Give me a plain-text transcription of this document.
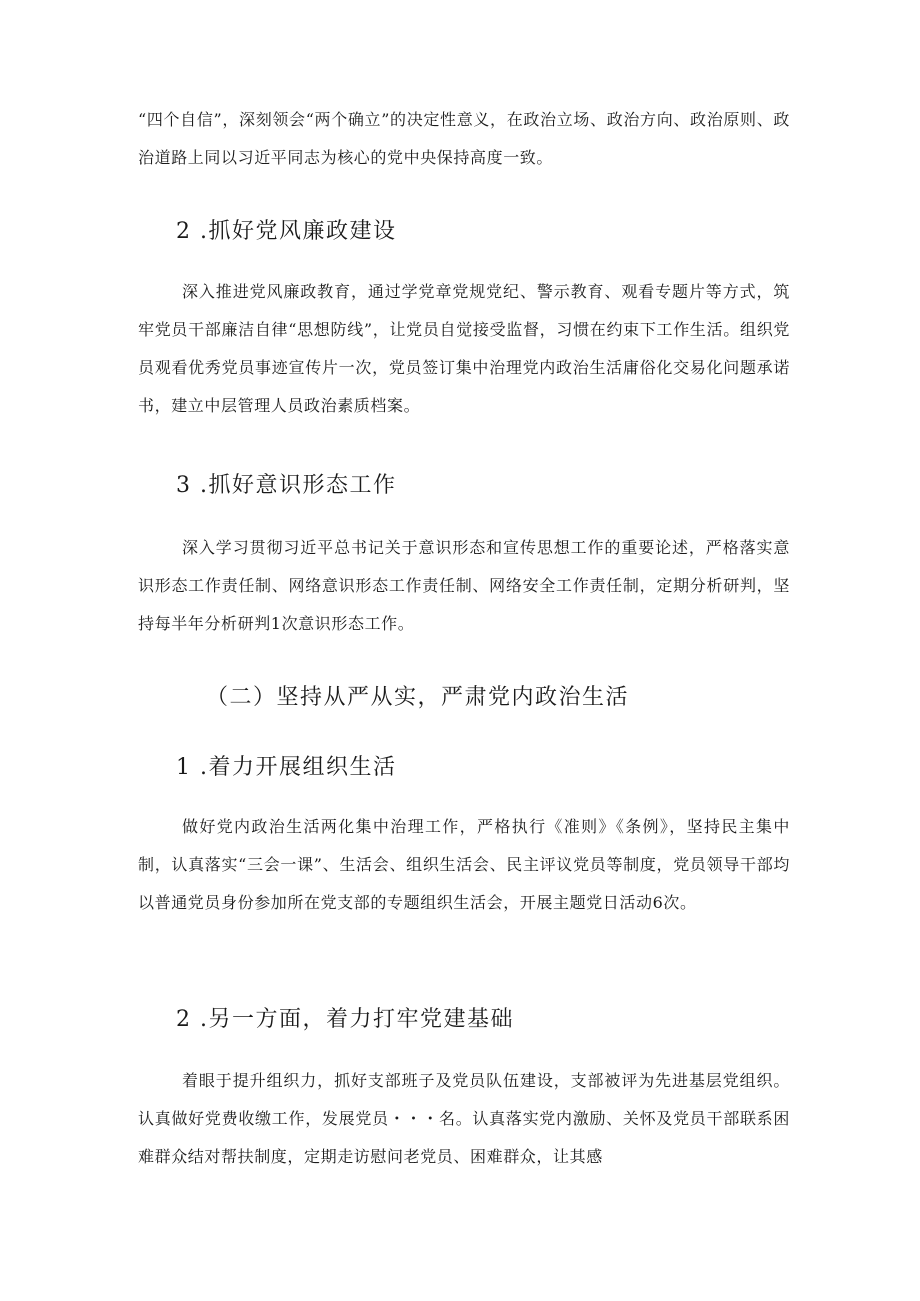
“四个自信”，深刻领会“两个确立”的决定性意义，在政治立场、政治方向、政治原则、政治道路上同以习近平同志为核心的党中央保持高度一致。

2 .抓好党风廉政建设

深入推进党风廉政教育，通过学党章党规党纪、警示教育、观看专题片等方式，筑牢党员干部廉洁自律“思想防线”，让党员自觉接受监督，习惯在约束下工作生活。组织党员观看优秀党员事迹宣传片一次，党员签订集中治理党内政治生活庸俗化交易化问题承诺书，建立中层管理人员政治素质档案。

3 .抓好意识形态工作

深入学习贯彻习近平总书记关于意识形态和宣传思想工作的重要论述，严格落实意识形态工作责任制、网络意识形态工作责任制、网络安全工作责任制，定期分析研判，坚持每半年分析研判1次意识形态工作。

（二）坚持从严从实，严肃党内政治生活
1 .着力开展组织生活

做好党内政治生活两化集中治理工作，严格执行《准则》《条例》，坚持民主集中制，认真落实“三会一课”、生活会、组织生活会、民主评议党员等制度，党员领导干部均以普通党员身份参加所在党支部的专题组织生活会，开展主题党日活动6次。

2 .另一方面，着力打牢党建基础

着眼于提升组织力，抓好支部班子及党员队伍建设，支部被评为先进基层党组织。认真做好党费收缴工作，发展党员・・・名。认真落实党内激励、关怀及党员干部联系困难群众结对帮扶制度，定期走访慰问老党员、困难群众，让其感
